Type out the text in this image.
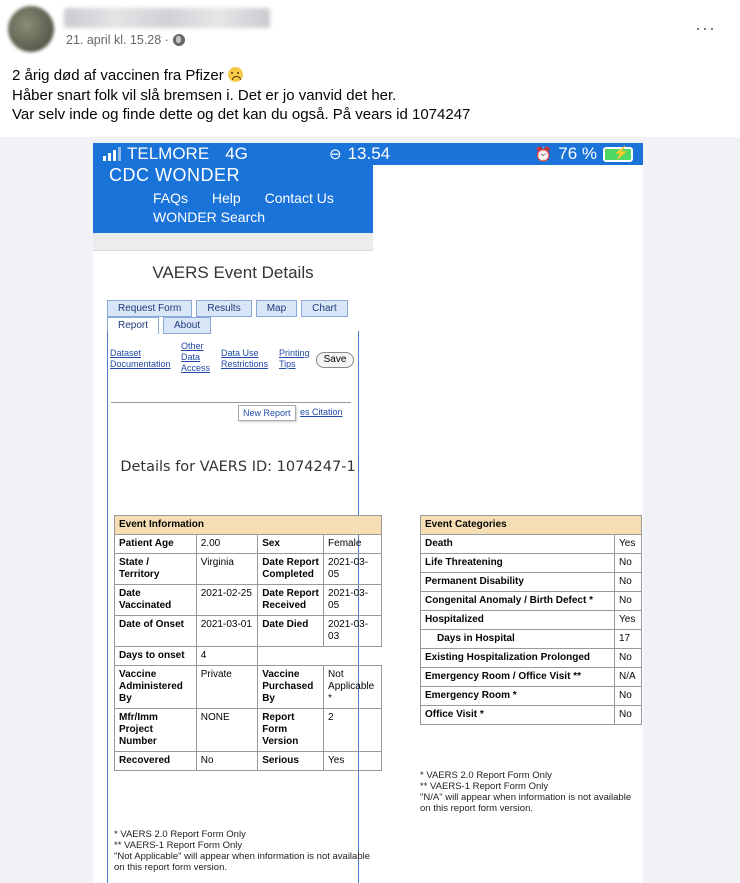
21. april kl. 15.28 ·
···

2 årig død af vaccinen fra Pfizer

Håber snart folk vil slå bremsen i. Det er jo vanvid det her.

Var selv inde og finde dette og det kan du også. På vears id 1074247

TELMORE 4G	⊖ 13.54	⏰ 76 %
⚡
CDC WONDER
FAQs Help Contact Us WONDER Search
VAERS Event Details
Request Form	Results	Map	Chart
Report	About
Dataset Documentation
Other Data Access
Data Use Restrictions
Printing Tips	Save
New Report	es Citation
Details for VAERS ID: 1074247-1
Event Information			
Patient Age	2.00	Sex	Female
State / Territory	Virginia	Date Report Completed	2021-03-05
Date Vaccinated	2021-02-25	Date Report Received	2021-03-05
Date of Onset	2021-03-01	Date Died	2021-03-03
Days to onset	4		
Vaccine Administered By	Private	Vaccine Purchased By	Not Applicable *
Mfr/Imm Project Number	NONE	Report Form Version	2
Recovered	No	Serious	Yes
Event Categories	
Death	Yes
Life Threatening	No
Permanent Disability	No
Congenital Anomaly / Birth Defect *	No
Hospitalized	Yes
Days in Hospital	17
Existing Hospitalization Prolonged	No
Emergency Room / Office Visit **	N/A
Emergency Room *	No
Office Visit *	No
* VAERS 2.0 Report Form Only
** VAERS-1 Report Form Only
"Not Applicable" will appear when information is not available on this report form version.
* VAERS 2.0 Report Form Only
** VAERS-1 Report Form Only
"N/A" will appear when information is not available on this report form version.
